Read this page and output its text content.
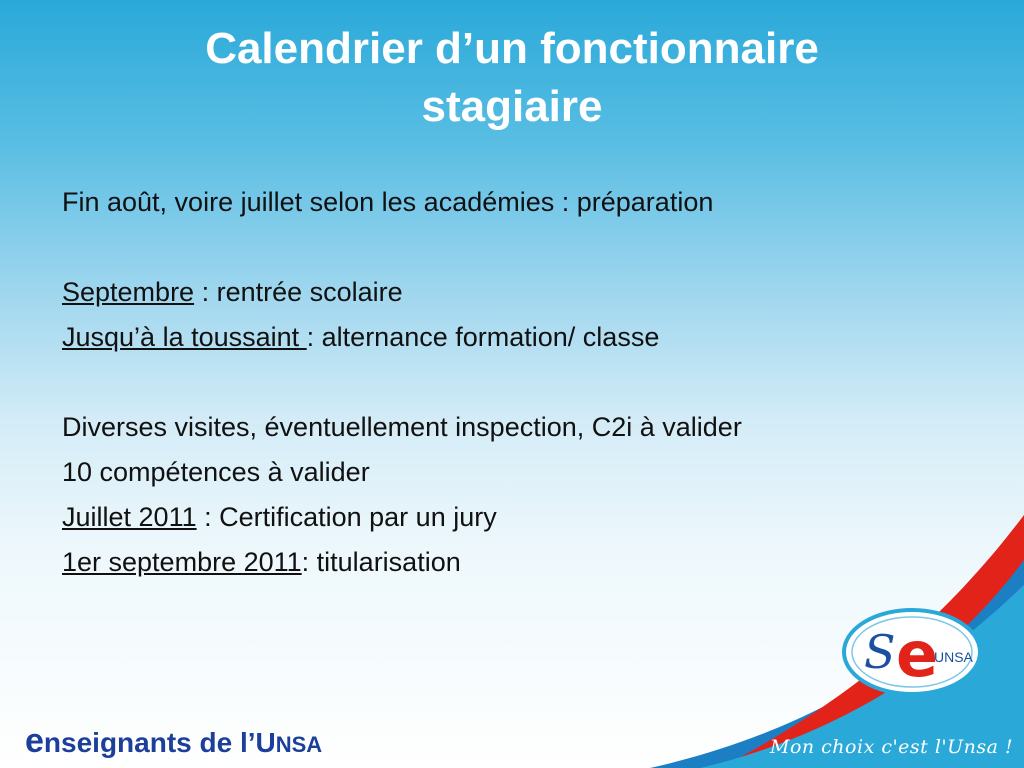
Calendrier d’un fonctionnaire
stagiaire
Fin août, voire juillet selon les académies : préparation
Septembre : rentrée scolaire
Jusqu’à la toussaint : alternance formation/ classe
Diverses visites, éventuellement inspection, C2i à valider
10 compétences à valider
Juillet 2011 : Certification par un jury
1er septembre 2011: titularisation
S e
UNSA
enseignants de l’UNSA	Mon choix c'est l'Unsa !
